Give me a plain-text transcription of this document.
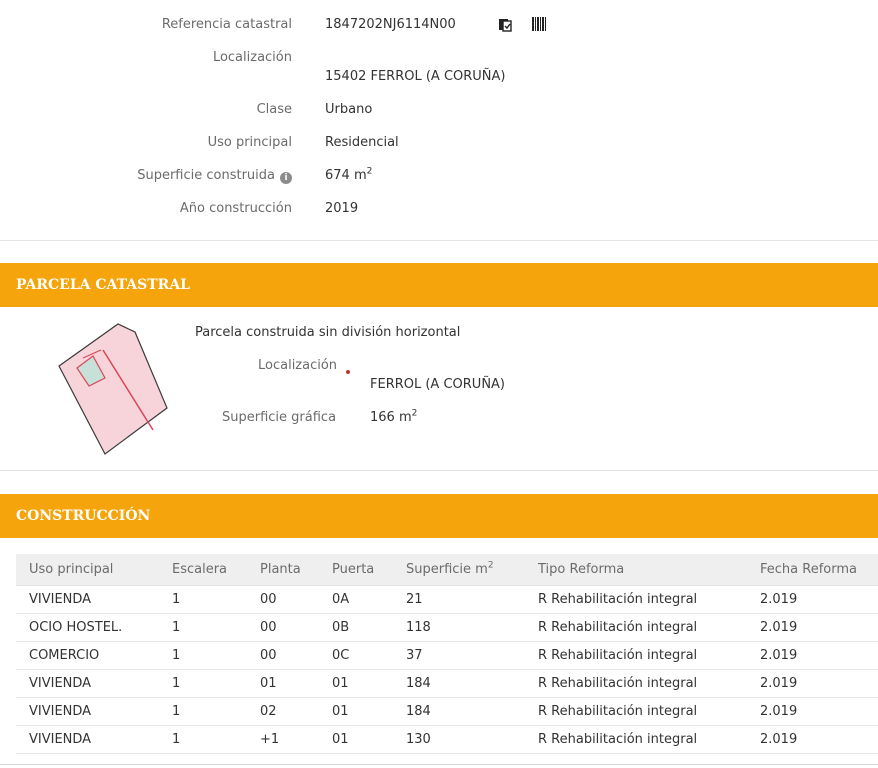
Referencia catastral	1847202NJ6114N00
Localización
15402 FERROL (A CORUÑA)
Clase	Urbano
Uso principal	Residencial
Superficie construida i	674 $m^2$
Año construcción	2019
PARCELA CATASTRAL
Parcela construida sin división horizontal
Localización
FERROL (A CORUÑA)
Superficie gráfica	166 $m^2$
CONSTRUCCIÓN
Uso principal	Escalera	Planta	Puerta	Superficie $m^2$	Tipo Reforma	Fecha Reforma
VIVIENDA	1	00	0A	21	R Rehabilitación integral	2.019
OCIO HOSTEL.	1	00	0B	118	R Rehabilitación integral	2.019
COMERCIO	1	00	0C	37	R Rehabilitación integral	2.019
VIVIENDA	1	01	01	184	R Rehabilitación integral	2.019
VIVIENDA	1	02	01	184	R Rehabilitación integral	2.019
VIVIENDA	1	+1	01	130	R Rehabilitación integral	2.019
